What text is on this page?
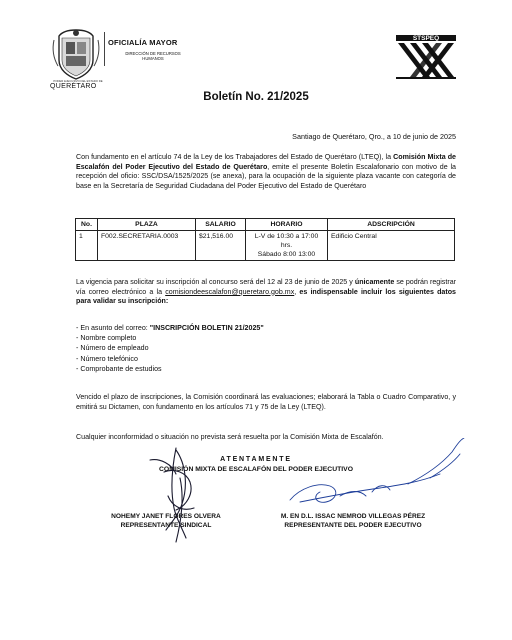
OFICIALÍA MAYOR
DIRECCIÓN DE RECURSOS HUMANOS
PODER EJECUTIVO DEL ESTADO DE
QUERÉTARO
STSPEQ
Boletín No. 21/2025
Santiago de Querétaro, Qro., a 10 de junio de 2025
Con fundamento en el artículo 74 de la Ley de los Trabajadores del Estado de Querétaro (LTEQ), la Comisión Mixta de Escalafón del Poder Ejecutivo del Estado de Querétaro, emite el presente Boletín Escalafonario con motivo de la recepción del oficio: SSC/DSA/1525/2025 (se anexa), para la ocupación de la siguiente plaza vacante con categoría de base en la Secretaría de Seguridad Ciudadana del Poder Ejecutivo del Estado de Querétaro
No.	PLAZA	SALARIO	HORARIO	ADSCRIPCIÓN
1	F002.SECRETARIA.0003	$21,516.00	L-V de 10:30 a 17:00
hrs.
Sábado 8:00 13:00	Edificio Central
La vigencia para solicitar su inscripción al concurso será del 12 al 23 de junio de 2025 y únicamente se podrán registrar vía correo electrónico a la comisiondeescalafon@queretaro.gob.mx, es indispensable incluir los siguientes datos para validar su inscripción:
- En asunto del correo: "INSCRIPCIÓN BOLETIN 21/2025"
- Nombre completo
- Número de empleado
- Número telefónico
- Comprobante de estudios
Vencido el plazo de inscripciones, la Comisión coordinará las evaluaciones; elaborará la Tabla o Cuadro Comparativo, y emitirá su Dictamen, con fundamento en los artículos 71 y 75 de la Ley (LTEQ).
Cualquier inconformidad o situación no prevista será resuelta por la Comisión Mixta de Escalafón.
ATENTAMENTE
COMISIÓN MIXTA DE ESCALAFÓN DEL PODER EJECUTIVO
NOHEMY JANET FLORES OLVERA
REPRESENTANTE SINDICAL
M. EN D.L. ISSAC NEMROD VILLEGAS PÉREZ
REPRESENTANTE DEL PODER EJECUTIVO
